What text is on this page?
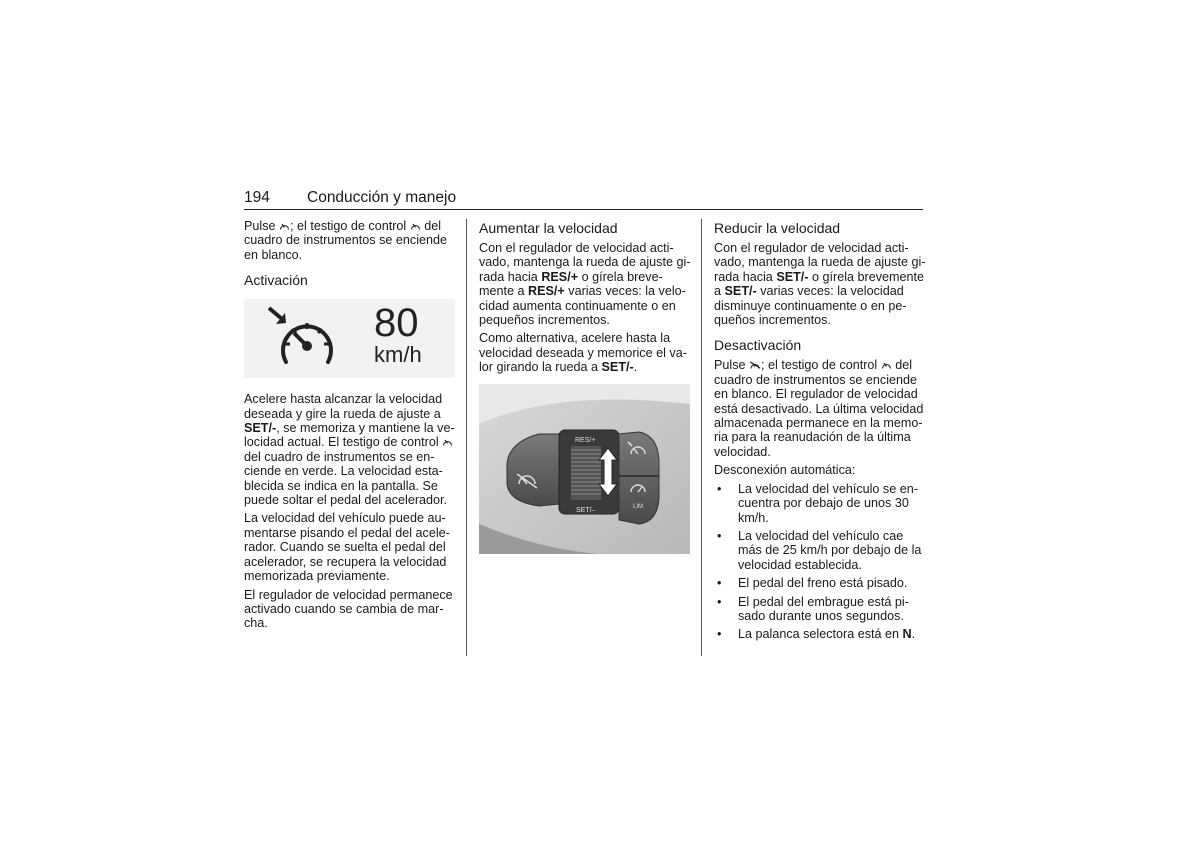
194 Conducción y manejo

Pulse ; el testigo de control del cuadro de instrumentos se enciende en blanco.

Activación
80
km/h

Acelere hasta alcanzar la velocidad deseada y gire la rueda de ajuste a SET/-, se memoriza y mantiene la ve-locidad actual. El testigo de control  del cuadro de instrumentos se en-ciende en verde. La velocidad esta-blecida se indica en la pantalla. Se puede soltar el pedal del acelerador.

La velocidad del vehículo puede au-mentarse pisando el pedal del acele-rador. Cuando se suelta el pedal del acelerador, se recupera la velocidad memorizada previamente.

El regulador de velocidad permanece activado cuando se cambia de mar-cha.

Aumentar la velocidad

Con el regulador de velocidad acti-vado, mantenga la rueda de ajuste gi-rada hacia RES/+ o gírela breve-mente a RES/+ varias veces: la velo-cidad aumenta continuamente o en pequeños incrementos.

Como alternativa, acelere hasta la velocidad deseada y memorice el va-lor girando la rueda a SET/-.

RES/+
SET/–	LIM
Reducir la velocidad

Con el regulador de velocidad acti-vado, mantenga la rueda de ajuste gi-rada hacia SET/- o gírela brevemente a SET/- varias veces: la velocidad disminuye continuamente o en pe-queños incrementos.

Desactivación

Pulse ; el testigo de control del cuadro de instrumentos se enciende en blanco. El regulador de velocidad está desactivado. La última velocidad almacenada permanece en la memo-ria para la reanudación de la última velocidad.

Desconexión automática:

• La velocidad del vehículo se en-cuentra por debajo de unos 30 km/h.
• La velocidad del vehículo cae más de 25 km/h por debajo de la velocidad establecida.
• El pedal del freno está pisado.
• El pedal del embrague está pi-sado durante unos segundos.
• La palanca selectora está en N.
